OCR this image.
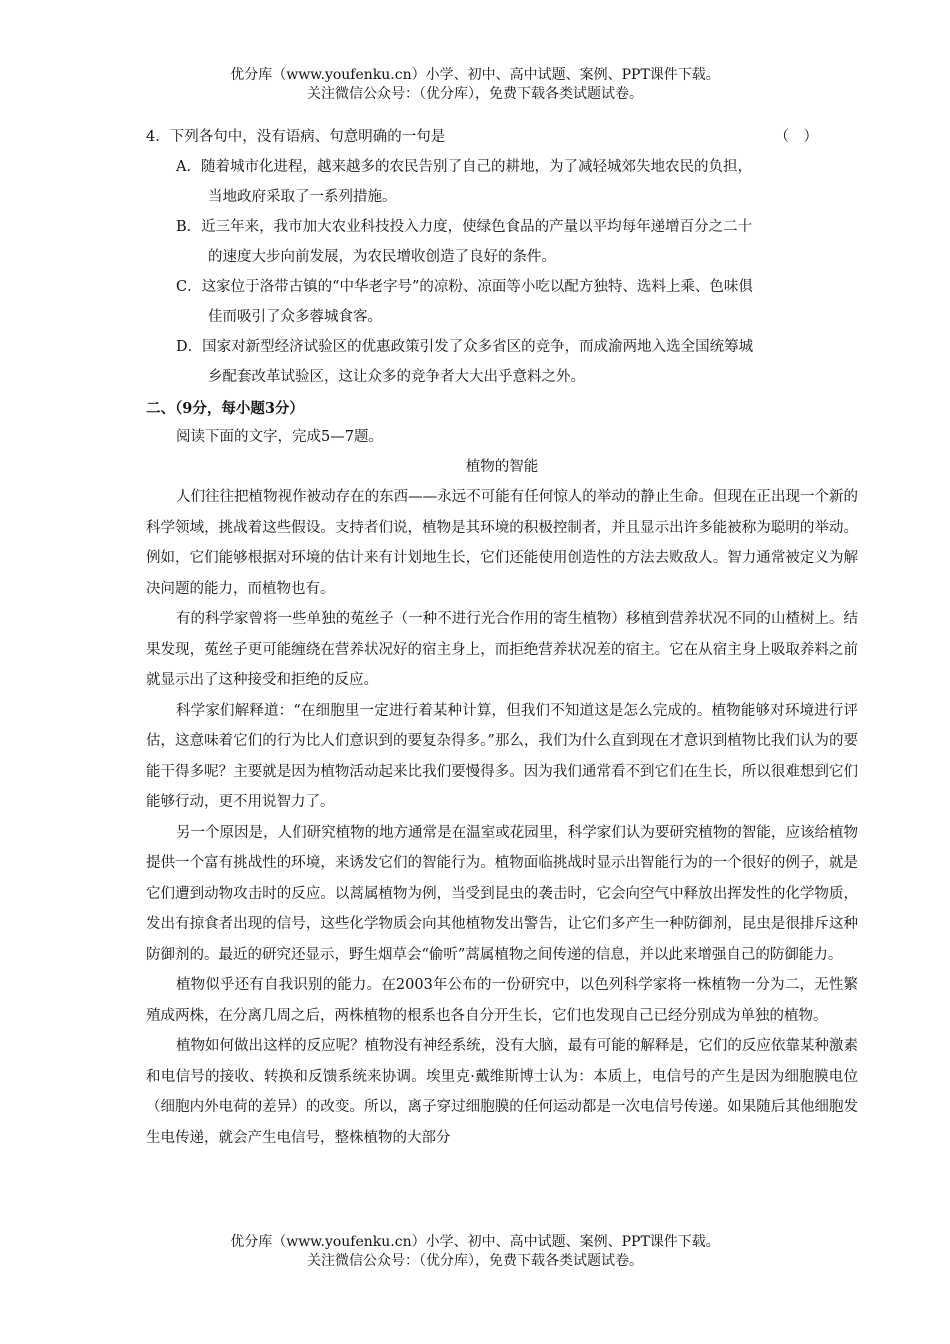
优分库（www.youfenku.cn）小学、初中、高中试题、案例、PPT课件下载。
关注微信公众号：（优分库），免费下载各类试题试卷。
4．下列各句中，没有语病、句意明确的一句是	（　）
A．随着城市化进程，越来越多的农民告别了自己的耕地，为了减轻城郊失地农民的负担，
当地政府采取了一系列措施。
B．近三年来，我市加大农业科技投入力度，使绿色食品的产量以平均每年递增百分之二十
的速度大步向前发展，为农民增收创造了良好的条件。
C．这家位于洛带古镇的“中华老字号”的凉粉、凉面等小吃以配方独特、选料上乘、色味俱
佳而吸引了众多蓉城食客。
D．国家对新型经济试验区的优惠政策引发了众多省区的竞争，而成渝两地入选全国统筹城
乡配套改革试验区，这让众多的竞争者大大出乎意料之外。
二、（9分，每小题3分）
阅读下面的文字，完成5—7题。
植物的智能

人们往往把植物视作被动存在的东西——永远不可能有任何惊人的举动的静止生命。但现在正出现一个新的科学领域，挑战着这些假设。支持者们说，植物是其环境的积极控制者，并且显示出许多能被称为聪明的举动。例如，它们能够根据对环境的估计来有计划地生长，它们还能使用创造性的方法去败敌人。智力通常被定义为解决问题的能力，而植物也有。

有的科学家曾将一些单独的菟丝子（一种不进行光合作用的寄生植物）移植到营养状况不同的山楂树上。结果发现，菟丝子更可能缠绕在营养状况好的宿主身上，而拒绝营养状况差的宿主。它在从宿主身上吸取养料之前就显示出了这种接受和拒绝的反应。

科学家们解释道：“在细胞里一定进行着某种计算，但我们不知道这是怎么完成的。植物能够对环境进行评估，这意味着它们的行为比人们意识到的要复杂得多。”那么，我们为什么直到现在才意识到植物比我们认为的要能干得多呢？主要就是因为植物活动起来比我们要慢得多。因为我们通常看不到它们在生长，所以很难想到它们能够行动，更不用说智力了。

另一个原因是，人们研究植物的地方通常是在温室或花园里，科学家们认为要研究植物的智能，应该给植物提供一个富有挑战性的环境，来诱发它们的智能行为。植物面临挑战时显示出智能行为的一个很好的例子，就是它们遭到动物攻击时的反应。以蒿属植物为例，当受到昆虫的袭击时，它会向空气中释放出挥发性的化学物质，发出有掠食者出现的信号，这些化学物质会向其他植物发出警告，让它们多产生一种防御剂，昆虫是很排斥这种防御剂的。最近的研究还显示，野生烟草会“偷听”蒿属植物之间传递的信息，并以此来增强自己的防御能力。

植物似乎还有自我识别的能力。在2003年公布的一份研究中，以色列科学家将一株植物一分为二，无性繁殖成两株，在分离几周之后，两株植物的根系也各自分开生长，它们也发现自己已经分别成为单独的植物。

植物如何做出这样的反应呢？植物没有神经系统，没有大脑，最有可能的解释是，它们的反应依靠某种激素和电信号的接收、转换和反馈系统来协调。埃里克·戴维斯博士认为：本质上，电信号的产生是因为细胞膜电位（细胞内外电荷的差异）的改变。所以，离子穿过细胞膜的任何运动都是一次电信号传递。如果随后其他细胞发生电传递，就会产生电信号，整株植物的大部分

优分库（www.youfenku.cn）小学、初中、高中试题、案例、PPT课件下载。
关注微信公众号：（优分库），免费下载各类试题试卷。
